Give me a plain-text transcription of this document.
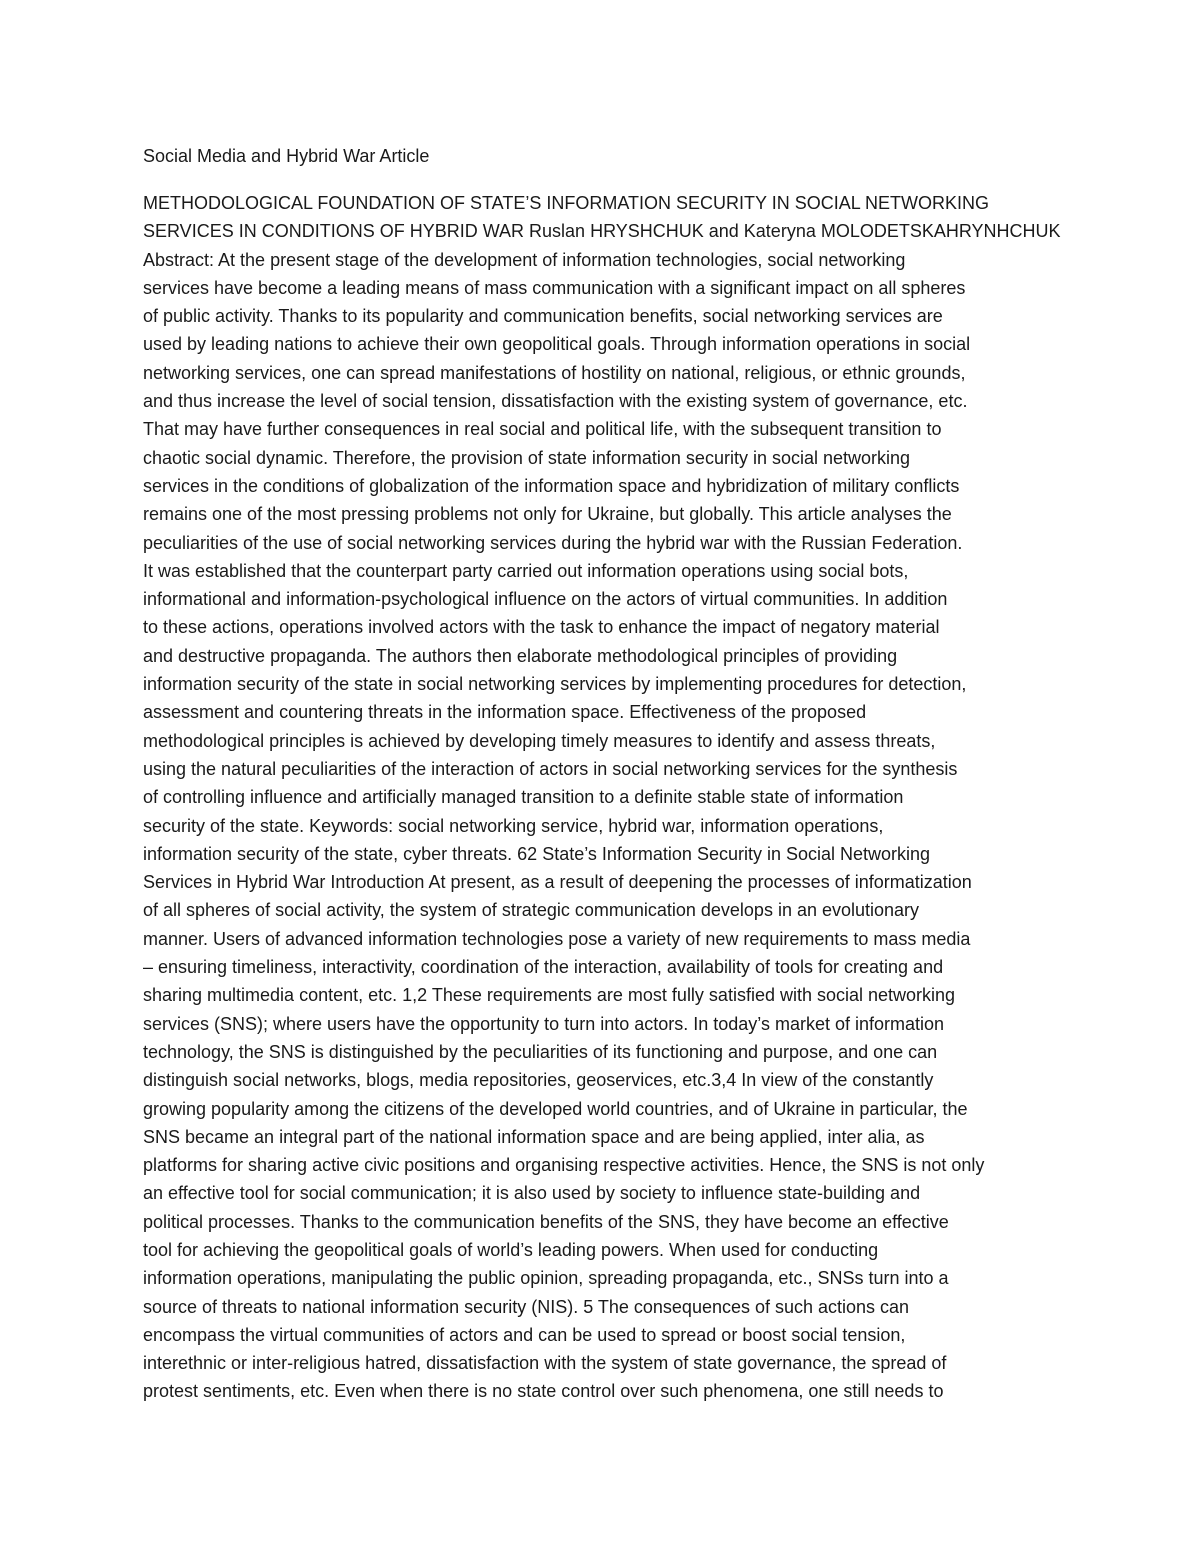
Social Media and Hybrid War Article
METHODOLOGICAL FOUNDATION OF STATE’S INFORMATION SECURITY IN SOCIAL NETWORKING
SERVICES IN CONDITIONS OF HYBRID WAR Ruslan HRYSHCHUK and Kateryna MOLODETSKAHRYNHCHUK
Abstract: At the present stage of the development of information technologies, social networking
services have become a leading means of mass communication with a significant impact on all spheres
of public activity. Thanks to its popularity and communication benefits, social networking services are
used by leading nations to achieve their own geopolitical goals. Through information operations in social
networking services, one can spread manifestations of hostility on national, religious, or ethnic grounds,
and thus increase the level of social tension, dissatisfaction with the existing system of governance, etc.
That may have further consequences in real social and political life, with the subsequent transition to
chaotic social dynamic. Therefore, the provision of state information security in social networking
services in the conditions of globalization of the information space and hybridization of military conflicts
remains one of the most pressing problems not only for Ukraine, but globally. This article analyses the
peculiarities of the use of social networking services during the hybrid war with the Russian Federation.
It was established that the counterpart party carried out information operations using social bots,
informational and information-psychological influence on the actors of virtual communities. In addition
to these actions, operations involved actors with the task to enhance the impact of negatory material
and destructive propaganda. The authors then elaborate methodological principles of providing
information security of the state in social networking services by implementing procedures for detection,
assessment and countering threats in the information space. Effectiveness of the proposed
methodological principles is achieved by developing timely measures to identify and assess threats,
using the natural peculiarities of the interaction of actors in social networking services for the synthesis
of controlling influence and artificially managed transition to a definite stable state of information
security of the state. Keywords: social networking service, hybrid war, information operations,
information security of the state, cyber threats. 62 State’s Information Security in Social Networking
Services in Hybrid War Introduction At present, as a result of deepening the processes of informatization
of all spheres of social activity, the system of strategic communication develops in an evolutionary
manner. Users of advanced information technologies pose a variety of new requirements to mass media
– ensuring timeliness, interactivity, coordination of the interaction, availability of tools for creating and
sharing multimedia content, etc. 1,2 These requirements are most fully satisfied with social networking
services (SNS); where users have the opportunity to turn into actors. In today’s market of information
technology, the SNS is distinguished by the peculiarities of its functioning and purpose, and one can
distinguish social networks, blogs, media repositories, geoservices, etc.3,4 In view of the constantly
growing popularity among the citizens of the developed world countries, and of Ukraine in particular, the
SNS became an integral part of the national information space and are being applied, inter alia, as
platforms for sharing active civic positions and organising respective activities. Hence, the SNS is not only
an effective tool for social communication; it is also used by society to influence state-building and
political processes. Thanks to the communication benefits of the SNS, they have become an effective
tool for achieving the geopolitical goals of world’s leading powers. When used for conducting
information operations, manipulating the public opinion, spreading propaganda, etc., SNSs turn into a
source of threats to national information security (NIS). 5 The consequences of such actions can
encompass the virtual communities of actors and can be used to spread or boost social tension,
interethnic or inter-religious hatred, dissatisfaction with the system of state governance, the spread of
protest sentiments, etc. Even when there is no state control over such phenomena, one still needs to
